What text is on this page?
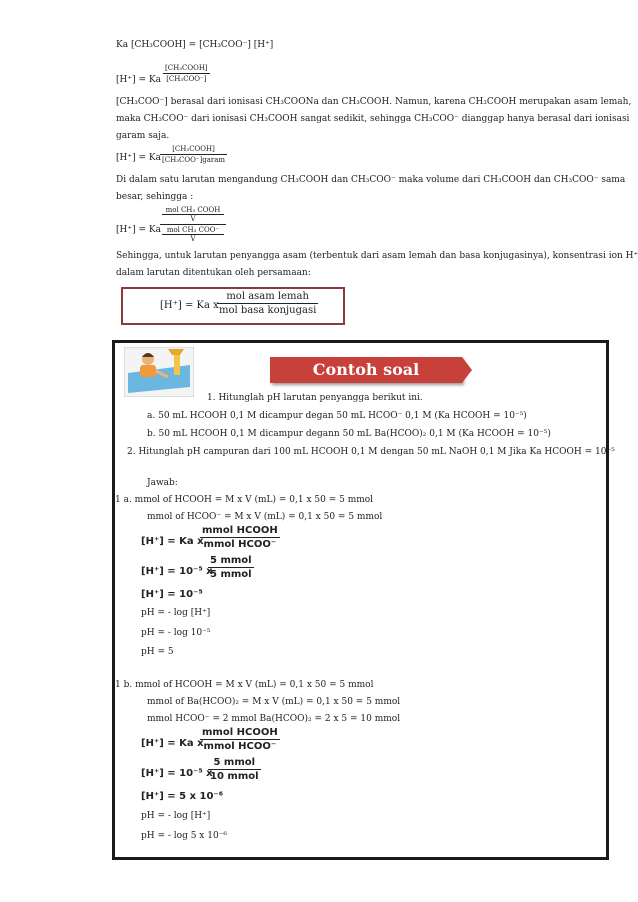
Ka [CH₃COOH] = [CH₃COO⁻] [H⁺]
[H⁺] = Ka
[CH₃COOH]
[CH₃COO⁻]
[CH₃COO⁻] berasal dari ionisasi CH₃COONa dan CH₃COOH. Namun, karena CH₃COOH merupakan asam lemah,
maka CH₃COO⁻ dari ionisasi CH₃COOH sangat sedikit, sehingga CH₃COO⁻ dianggap hanya berasal dari ionisasi
garam saja.
[H⁺] = Ka
[CH₃COOH]
[CH₃COO⁻]garam
Di dalam satu larutan mengandung CH₃COOH dan CH₃COO⁻ maka volume dari CH₃COOH dan CH₃COO⁻ sama
besar, sehingga :
[H⁺] = Ka
mol CH₃ COOH
V
mol CH₃ COO⁻
V
Sehingga, untuk larutan penyangga asam (terbentuk dari asam lemah dan basa konjugasinya), konsentrasi ion H⁺
dalam larutan ditentukan oleh persamaan:
[H⁺] = Ka x
mol asam lemah
mol basa konjugasi
Contoh soal
1. Hitunglah pH larutan penyangga berikut ini.
a. 50 mL HCOOH 0,1 M dicampur degan 50 mL HCOO⁻ 0,1 M (Ka HCOOH = 10⁻⁵)
b. 50 mL HCOOH 0,1 M dicampur degann 50 mL Ba(HCOO)₂ 0,1 M (Ka HCOOH = 10⁻⁵)
2. Hitunglah pH campuran dari 100 mL HCOOH 0,1 M dengan 50 mL NaOH 0,1 M Jika Ka HCOOH = 10⁻⁵
Jawab:
1 a. mmol of HCOOH = M x V (mL) = 0,1 x 50 = 5 mmol
mmol of HCOO⁻ = M x V (mL) = 0,1 x 50 = 5 mmol
[H⁺] = Ka x
mmol HCOOH
mmol HCOO⁻
[H⁺] = 10⁻⁵ x
5 mmol
5 mmol
[H⁺] = 10⁻⁵
pH = - log [H⁺]
pH = - log 10⁻⁵
pH = 5
1 b. mmol of HCOOH = M x V (mL) = 0,1 x 50 = 5 mmol
mmol of Ba(HCOO)₂ = M x V (mL) = 0,1 x 50 = 5 mmol
mmol HCOO⁻ = 2 mmol Ba(HCOO)₂ = 2 x 5 = 10 mmol
[H⁺] = Ka x
mmol HCOOH
mmol HCOO⁻
[H⁺] = 10⁻⁵ x
5 mmol
10 mmol
[H⁺] = 5 x 10⁻⁶
pH = - log [H⁺]
pH = - log 5 x 10⁻⁶
